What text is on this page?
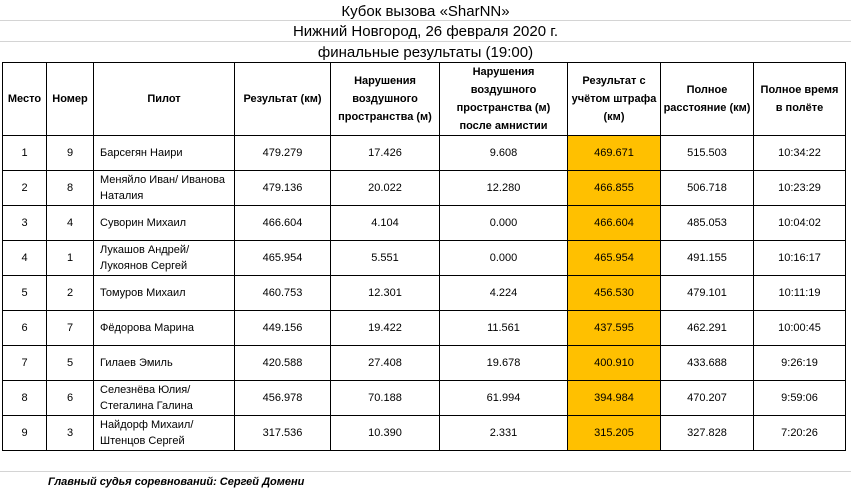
Кубок вызова «SharNN»
Нижний Новгород, 26 февраля 2020 г.
финальные результаты (19:00)
Место	Номер	Пилот	Результат (км)	Нарушения воздушного пространства (м)	Нарушения воздушного пространства (м) после амнистии	Результат с учётом штрафа (км)	Полное расстояние (км)	Полное время в полёте
1	9	Барсегян Наири	479.279	17.426	9.608	469.671	515.503	10:34:22
2	8	Меняйло Иван/ Иванова Наталия	479.136	20.022	12.280	466.855	506.718	10:23:29
3	4	Суворин Михаил	466.604	4.104	0.000	466.604	485.053	10:04:02
4	1	Лукашов Андрей/ Лукоянов Сергей	465.954	5.551	0.000	465.954	491.155	10:16:17
5	2	Томуров Михаил	460.753	12.301	4.224	456.530	479.101	10:11:19
6	7	Фёдорова Марина	449.156	19.422	11.561	437.595	462.291	10:00:45
7	5	Гилаев Эмиль	420.588	27.408	19.678	400.910	433.688	9:26:19
8	6	Селезнёва Юлия/ Стегалина Галина	456.978	70.188	61.994	394.984	470.207	9:59:06
9	3	Найдорф Михаил/ Штенцов Сергей	317.536	10.390	2.331	315.205	327.828	7:20:26
Главный судья соревнований: Сергей Домени
